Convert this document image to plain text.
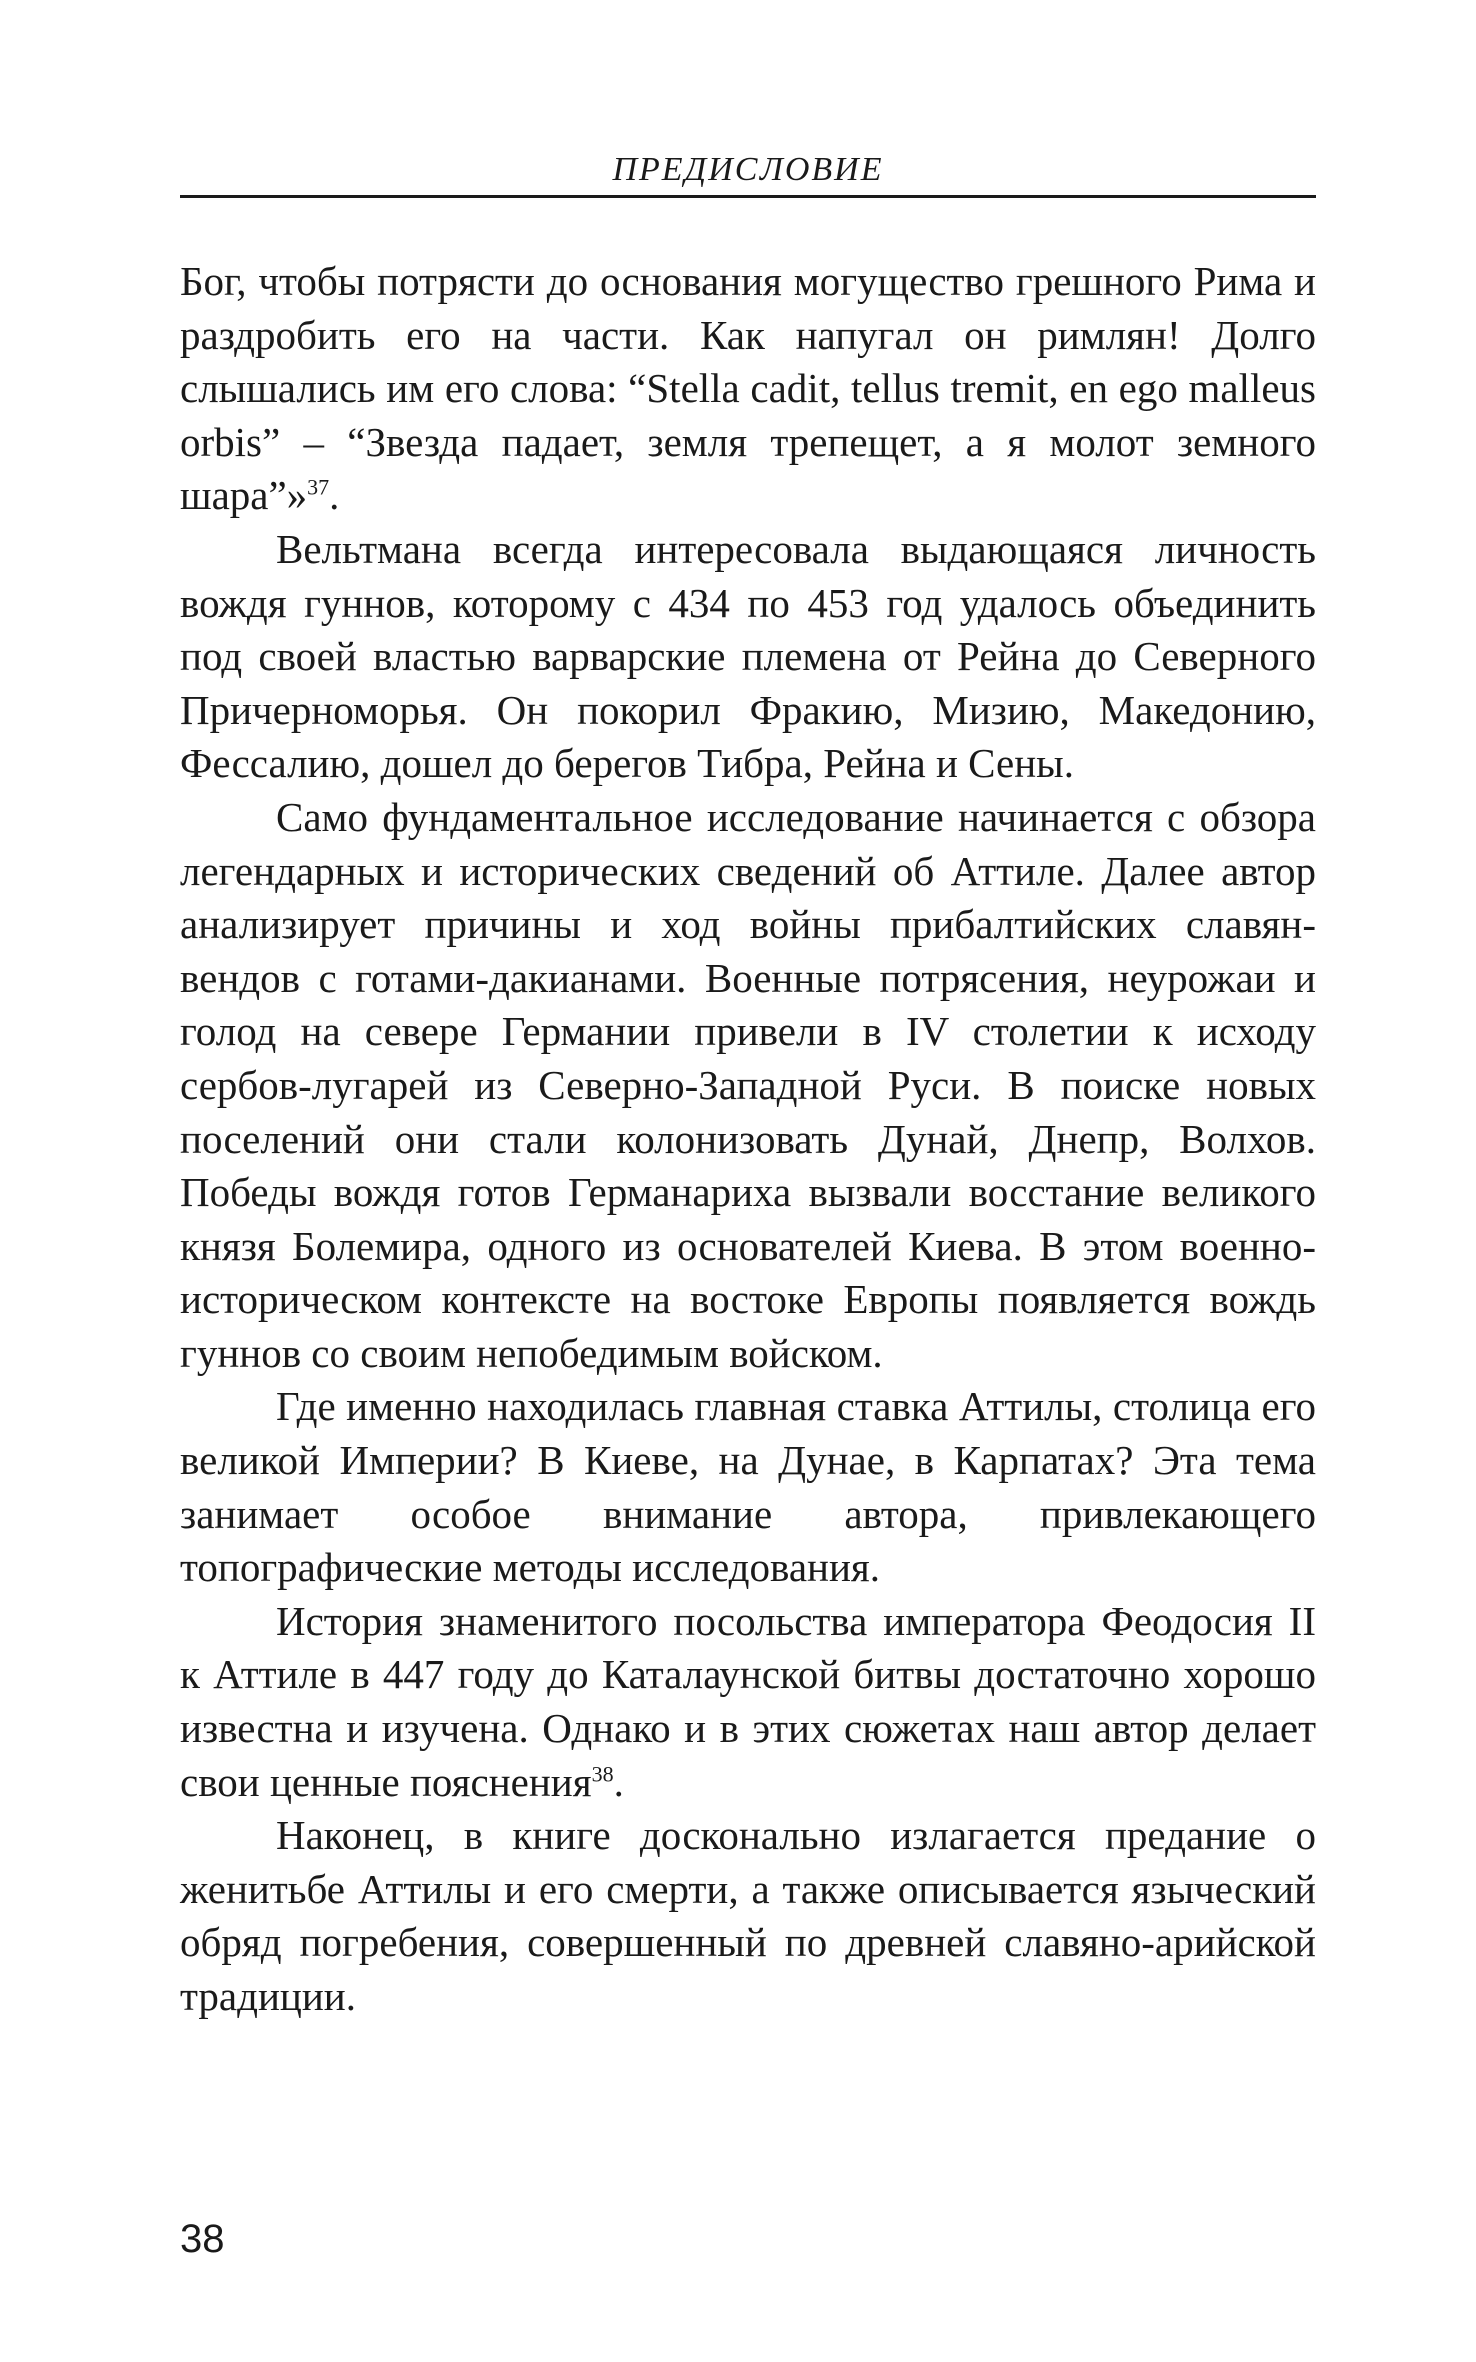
ПРЕДИСЛОВИЕ

Бог, чтобы потрясти до основания могущество грешного Рима и раздробить его на части. Как напугал он римлян! Долго слышались им его слова: “Stella cadit, tellus tremit, en ego malleus orbis” – “Звезда падает, земля трепещет, а я молот земного шара”»$^{37}$.

Вельтмана всегда интересовала выдающаяся личность вождя гуннов, которому с 434 по 453 год удалось объединить под своей властью варварские племена от Рейна до Северного Причерноморья. Он покорил Фракию, Мизию, Македонию, Фессалию, дошел до берегов Тибра, Рейна и Сены.

Само фундаментальное исследование начинается с обзора легендарных и исторических сведений об Аттиле. Далее автор анализирует причины и ход войны прибалтийских славян-вендов с готами-дакианами. Военные потрясения, неурожаи и голод на севере Германии привели в IV столетии к исходу сербов-лугарей из Северно-Западной Руси. В поиске новых поселений они стали колонизовать Дунай, Днепр, Волхов. Победы вождя готов Германариха вызвали восстание великого князя Болемира, одного из основателей Киева. В этом военно-историческом контексте на востоке Европы появляется вождь гуннов со своим непобедимым войском.

Где именно находилась главная ставка Аттилы, столица его великой Империи? В Киеве, на Дунае, в Карпатах? Эта тема занимает особое внимание автора, привлекающего топографические методы исследования.

История знаменитого посольства императора Феодосия II к Аттиле в 447 году до Каталаунской битвы достаточно хорошо известна и изучена. Однако и в этих сюжетах наш автор делает свои ценные пояснения$^{38}$.

Наконец, в книге досконально излагается предание о женитьбе Аттилы и его смерти, а также описывается языческий обряд погребения, совершенный по древней славяно-арийской традиции.

38
